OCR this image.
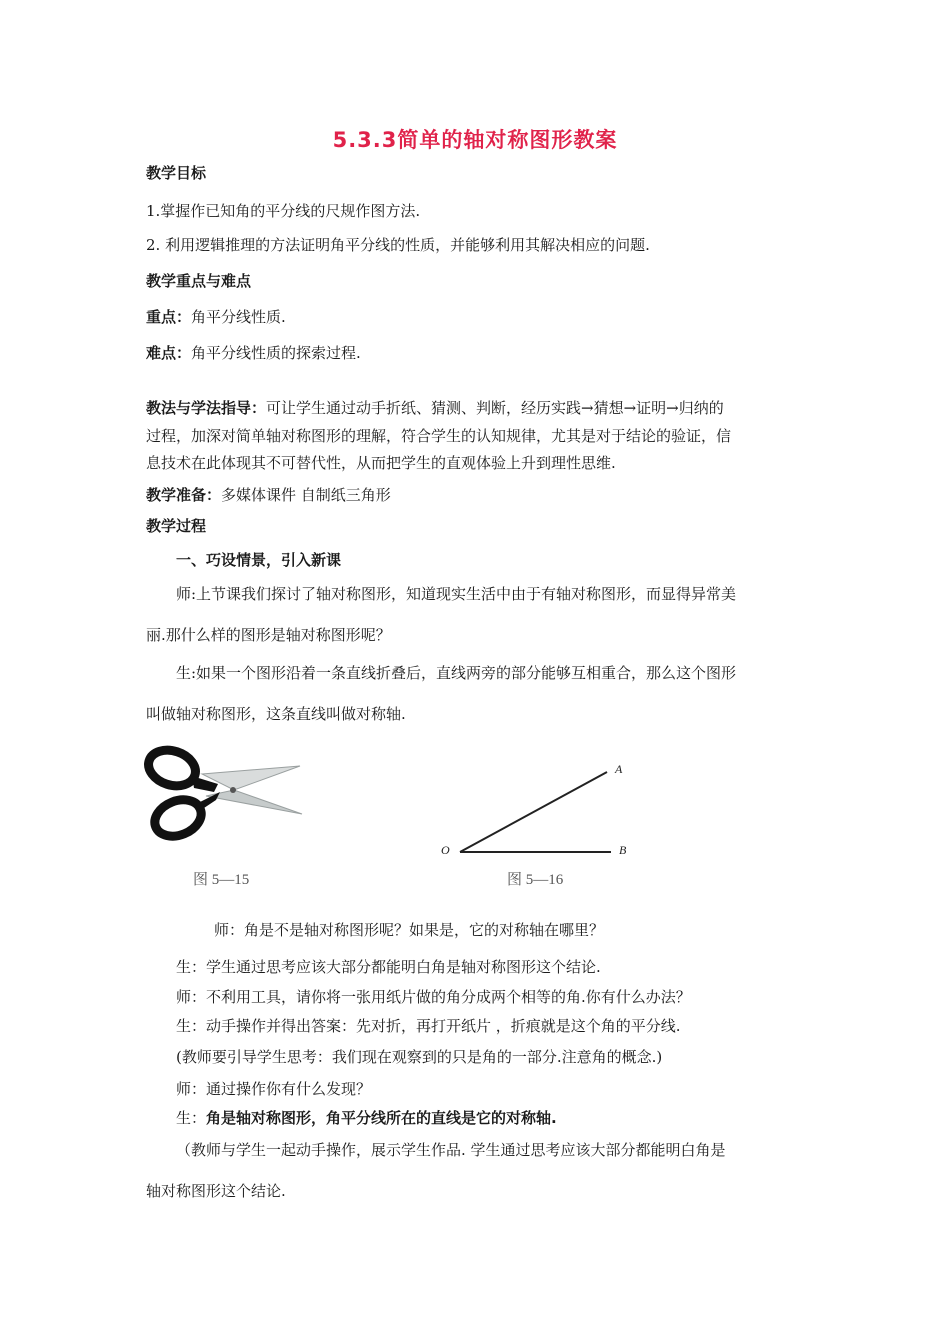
5.3.3简单的轴对称图形教案
教学目标
1.掌握作已知角的平分线的尺规作图方法.
2. 利用逻辑推理的方法证明角平分线的性质，并能够利用其解决相应的问题.
教学重点与难点
重点：角平分线性质.
难点：角平分线性质的探索过程.
教法与学法指导：可让学生通过动手折纸、猜测、判断，经历实践→猜想→证明→归纳的
过程，加深对简单轴对称图形的理解，符合学生的认知规律，尤其是对于结论的验证，信
息技术在此体现其不可替代性，从而把学生的直观体验上升到理性思维.
教学准备：多媒体课件 自制纸三角形
教学过程
一、巧设情景，引入新课
师:上节课我们探讨了轴对称图形，知道现实生活中由于有轴对称图形，而显得异常美
丽.那什么样的图形是轴对称图形呢？
生:如果一个图形沿着一条直线折叠后，直线两旁的部分能够互相重合，那么这个图形
叫做轴对称图形，这条直线叫做对称轴.
图 5—15
A
O	B
图 5—16
师：角是不是轴对称图形呢？如果是，它的对称轴在哪里？
生：学生通过思考应该大部分都能明白角是轴对称图形这个结论.
师：不利用工具，请你将一张用纸片做的角分成两个相等的角.你有什么办法？
生：动手操作并得出答案：先对折，再打开纸片 ，折痕就是这个角的平分线.
(教师要引导学生思考：我们现在观察到的只是角的一部分.注意角的概念.)
师：通过操作你有什么发现？
生：角是轴对称图形，角平分线所在的直线是它的对称轴.
（教师与学生一起动手操作，展示学生作品. 学生通过思考应该大部分都能明白角是
轴对称图形这个结论.
